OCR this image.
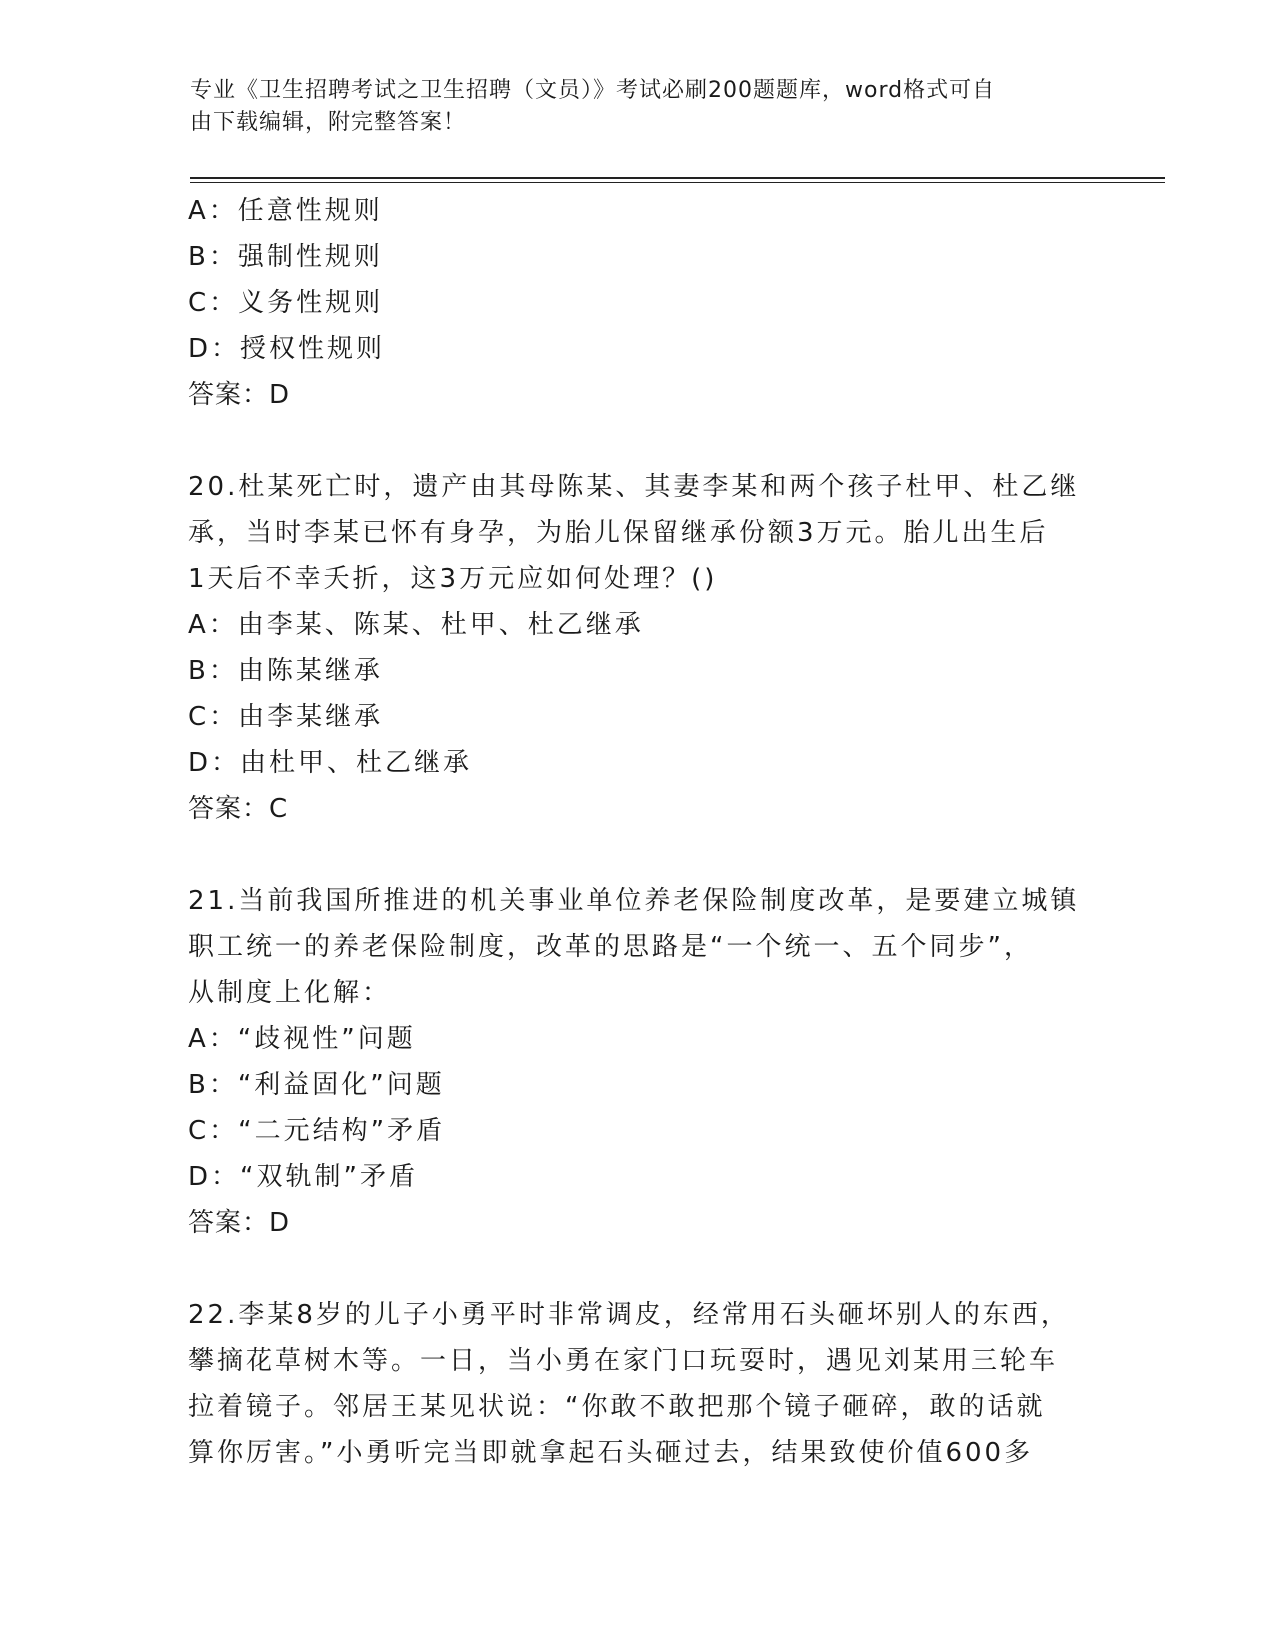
专业《卫生招聘考试之卫生招聘（文员）》考试必刷200题题库，word格式可自
由下载编辑，附完整答案！
A：任意性规则
B：强制性规则
C：义务性规则
D：授权性规则
答案：D
20.杜某死亡时，遗产由其母陈某、其妻李某和两个孩子杜甲、杜乙继
承，当时李某已怀有身孕，为胎儿保留继承份额3万元。胎儿出生后
1天后不幸夭折，这3万元应如何处理？()
A：由李某、陈某、杜甲、杜乙继承
B：由陈某继承
C：由李某继承
D：由杜甲、杜乙继承
答案：C
21.当前我国所推进的机关事业单位养老保险制度改革，是要建立城镇
职工统一的养老保险制度，改革的思路是“一个统一、五个同步”，
从制度上化解：
A：“歧视性”问题
B：“利益固化”问题
C：“二元结构”矛盾
D：“双轨制”矛盾
答案：D
22.李某8岁的儿子小勇平时非常调皮，经常用石头砸坏别人的东西，
攀摘花草树木等。一日，当小勇在家门口玩耍时，遇见刘某用三轮车
拉着镜子。邻居王某见状说：“你敢不敢把那个镜子砸碎，敢的话就
算你厉害。”小勇听完当即就拿起石头砸过去，结果致使价值600多
